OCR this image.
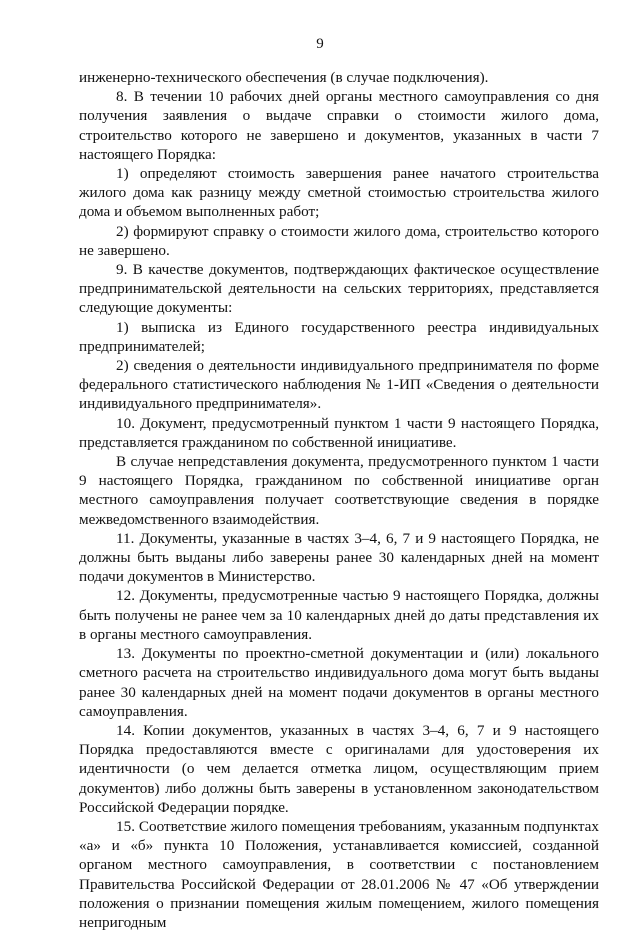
9

инженерно-технического обеспечения (в случае подключения).

8. В течении 10 рабочих дней органы местного самоуправления со дня получения заявления о выдаче справки о стоимости жилого дома, строительство которого не завершено и документов, указанных в части 7 настоящего Порядка:

1) определяют стоимость завершения ранее начатого строительства жилого дома как разницу между сметной стоимостью строительства жилого дома и объемом выполненных работ;

2) формируют справку о стоимости жилого дома, строительство которого не завершено.

9. В качестве документов, подтверждающих фактическое осуществление предпринимательской деятельности на сельских территориях, представляется следующие документы:

1) выписка из Единого государственного реестра индивидуальных предпринимателей;

2) сведения о деятельности индивидуального предпринимателя по форме федерального статистического наблюдения № 1-ИП «Сведения о деятельности индивидуального предпринимателя».

10. Документ, предусмотренный пунктом 1 части 9 настоящего Порядка, представляется гражданином по собственной инициативе.

В случае непредставления документа, предусмотренного пунктом 1 части 9 настоящего Порядка, гражданином по собственной инициативе орган местного самоуправления получает соответствующие сведения в порядке межведомственного взаимодействия.

11. Документы, указанные в частях 3–4, 6, 7 и 9 настоящего Порядка, не должны быть выданы либо заверены ранее 30 календарных дней на момент подачи документов в Министерство.

12. Документы, предусмотренные частью 9 настоящего Порядка, должны быть получены не ранее чем за 10 календарных дней до даты представления их в органы местного самоуправления.

13. Документы по проектно-сметной документации и (или) локального сметного расчета на строительство индивидуального дома могут быть выданы ранее 30 календарных дней на момент подачи документов в органы местного самоуправления.

14. Копии документов, указанных в частях 3–4, 6, 7 и 9 настоящего Порядка предоставляются вместе с оригиналами для удостоверения их идентичности (о чем делается отметка лицом, осуществляющим прием документов) либо должны быть заверены в установленном законодательством Российской Федерации порядке.

15. Соответствие жилого помещения требованиям, указанным подпунктах «а» и «б» пункта 10 Положения, устанавливается комиссией, созданной органом местного самоуправления, в соответствии с постановлением Правительства Российской Федерации от 28.01.2006 № 47 «Об утверждении положения о признании помещения жилым помещением, жилого помещения непригодным
